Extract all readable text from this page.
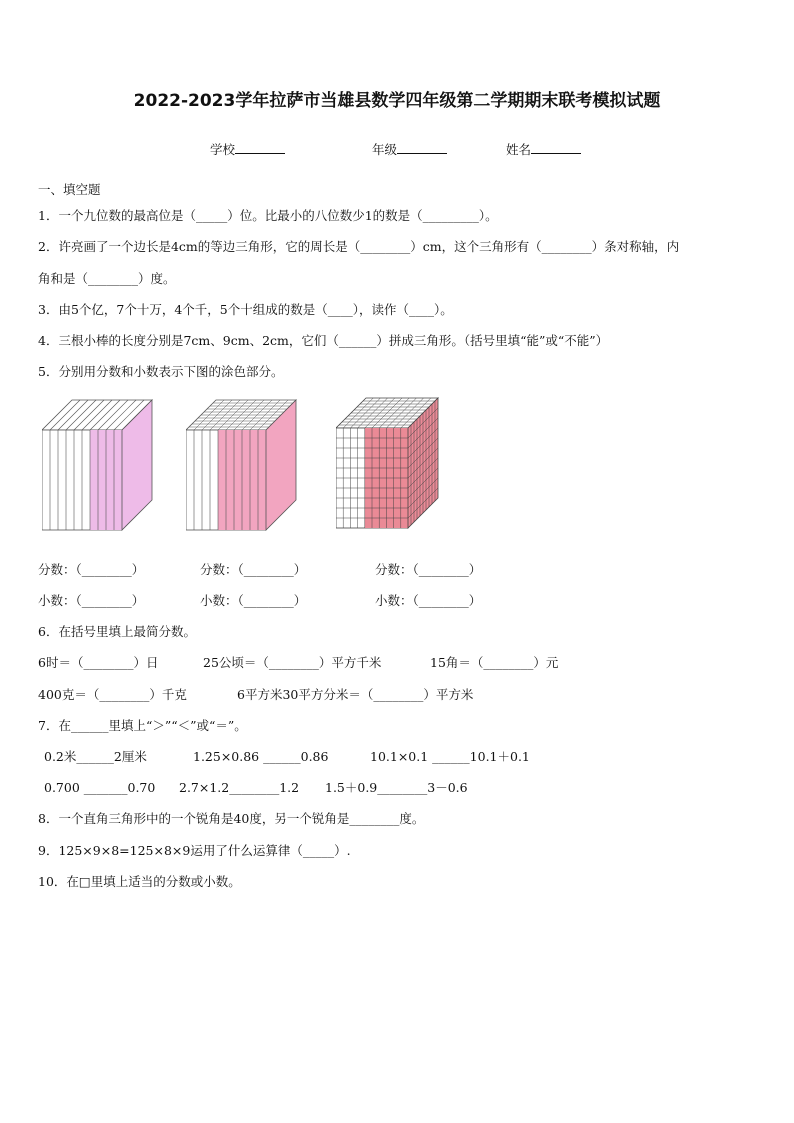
2022-2023学年拉萨市当雄县数学四年级第二学期期末联考模拟试题
学校	年级	姓名
一、填空题
1．一个九位数的最高位是（_____）位。比最小的八位数少1的数是（_________）。
2．许亮画了一个边长是4cm的等边三角形，它的周长是（________）cm，这个三角形有（________）条对称轴，内
角和是（________）度。
3．由5个亿，7个十万，4个千，5个十组成的数是（____），读作（____）。
4．三根小棒的长度分别是7cm、9cm、2cm，它们（______）拼成三角形。（括号里填“能”或“不能”）
5．分别用分数和小数表示下图的涂色部分。
分数：（________）	分数：（________）	分数：（________）
小数：（________）	小数：（________）	小数：（________）
6．在括号里填上最简分数。
6时＝（________）日	25公顷＝（________）平方千米	15角＝（________）元
400克＝（________）千克	6平方米30平方分米＝（________）平方米
7．在______里填上“＞”“＜”或“＝”。
0.2米______2厘米	1.25×0.86 ______0.86	10.1×0.1 ______10.1＋0.1
0.700 _______0.70 2.7×1.2________1.2 1.5＋0.9________3－0.6
8．一个直角三角形中的一个锐角是40度，另一个锐角是________度。
9．125×9×8=125×8×9运用了什么运算律（_____）.
10．在□里填上适当的分数或小数。
